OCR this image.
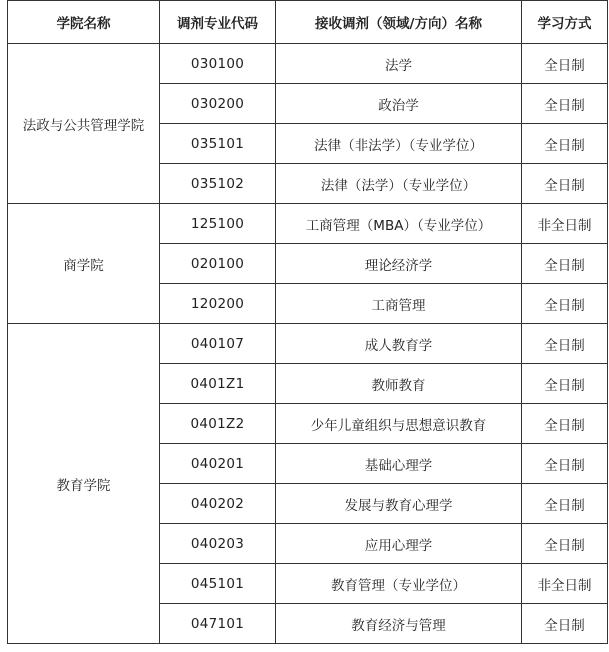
学院名称	调剂专业代码	接收调剂（领域/方向）名称	学习方式
法政与公共管理学院	030100	法学	全日制
	030200	政治学	全日制
	035101	法律（非法学）（专业学位）	全日制
	035102	法律（法学）（专业学位）	全日制
商学院	125100	工商管理（MBA）（专业学位）	非全日制
	020100	理论经济学	全日制
	120200	工商管理	全日制
教育学院	040107	成人教育学	全日制
	0401Z1	教师教育	全日制
	0401Z2	少年儿童组织与思想意识教育	全日制
	040201	基础心理学	全日制
	040202	发展与教育心理学	全日制
	040203	应用心理学	全日制
	045101	教育管理（专业学位）	非全日制
	047101	教育经济与管理	全日制
